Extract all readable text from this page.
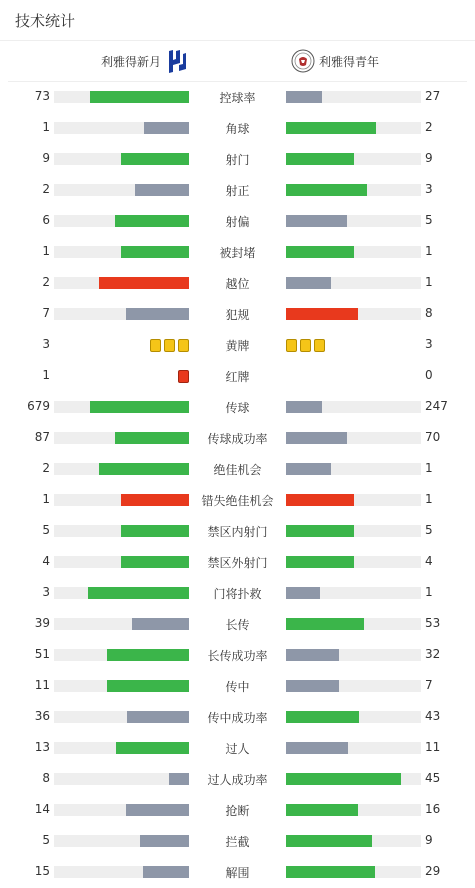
技术统计
利雅得新月	利雅得青年
73	控球率	27
1	角球	2
9	射门	9
2	射正	3
6	射偏	5
1	被封堵	1
2	越位	1
7	犯规	8
3	黄牌	3
1	红牌	0
679	传球	247
87	传球成功率	70
2	绝佳机会	1
1	错失绝佳机会	1
5	禁区内射门	5
4	禁区外射门	4
3	门将扑救	1
39	长传	53
51	长传成功率	32
11	传中	7
36	传中成功率	43
13	过人	11
8	过人成功率	45
14	抢断	16
5	拦截	9
15	解围	29
